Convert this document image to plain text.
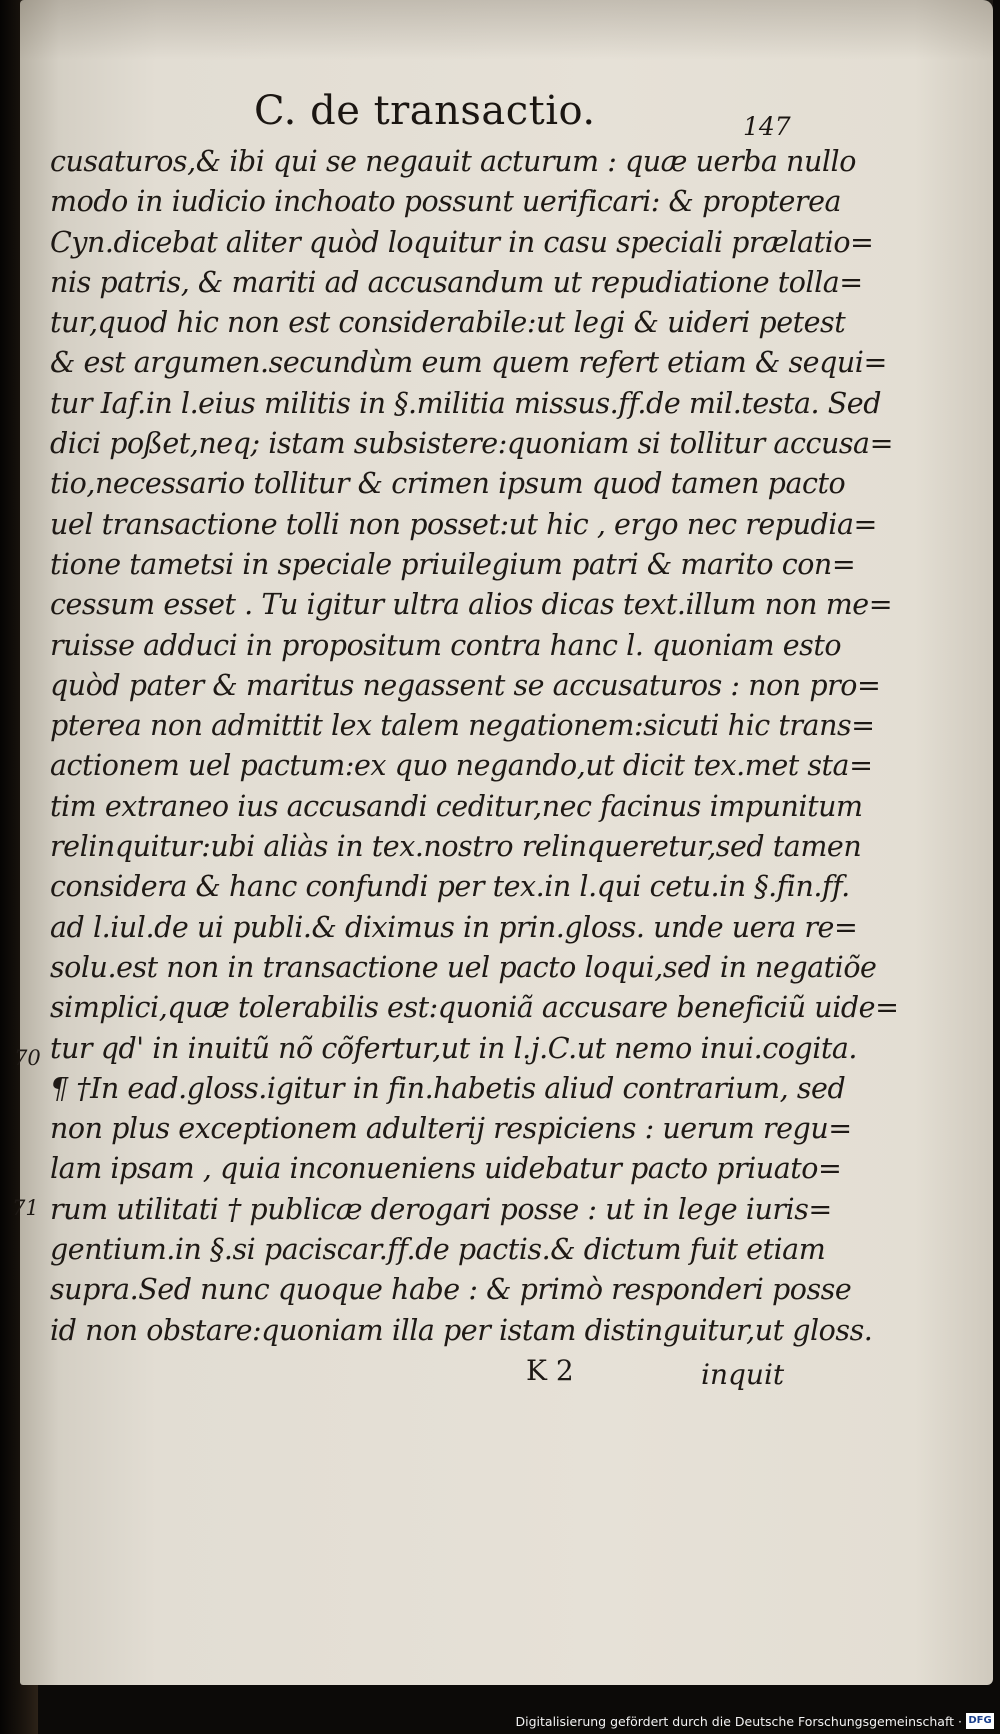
C. de transactio.	147
cusaturos,& ibi qui se negauit acturum : quæ uerba nullo
modo in iudicio inchoato possunt uerificari: & propterea
Cyn.dicebat aliter quòd loquitur in casu speciali prælatio=
nis patris, & mariti ad accusandum ut repudiatione tolla=
tur,quod hic non est considerabile:ut legi & uideri petest
& est argumen.secundùm eum quem refert etiam & sequi=
tur Iaf.in l.eius militis in §.militia missus.ff.de mil.testa. Sed
dici poßet,neq; istam subsistere:quoniam si tollitur accusa=
tio,necessario tollitur & crimen ipsum quod tamen pacto
uel transactione tolli non posset:ut hic , ergo nec repudia=
tione tametsi in speciale priuilegium patri & marito con=
cessum esset . Tu igitur ultra alios dicas text.illum non me=
ruisse adduci in propositum contra hanc l. quoniam esto
quòd pater & maritus negassent se accusaturos : non pro=
pterea non admittit lex talem negationem:sicuti hic trans=
actionem uel pactum:ex quo negando,ut dicit tex.met sta=
tim extraneo ius accusandi ceditur,nec facinus impunitum
relinquitur:ubi aliàs in tex.nostro relinqueretur,sed tamen
considera & hanc confundi per tex.in l.qui cetu.in §.fin.ff.
ad l.iul.de ui publi.& diximus in prin.gloss. unde uera re=
solu.est non in transactione uel pacto loqui,sed in negatiõe
simplici,quæ tolerabilis est:quoniã accusare beneficiũ uide=
tur qd' in inuitũ nõ cõfertur,ut in l.j.C.ut nemo inui.cogita.
¶ †In ead.gloss.igitur in fin.habetis aliud contrarium, sed
non plus exceptionem adulterij respiciens : uerum regu=
lam ipsam , quia inconueniens uidebatur pacto priuato=
rum utilitati † publicæ derogari posse : ut in lege iuris=
gentium.in §.si paciscar.ff.de pactis.& dictum fuit etiam
supra.Sed nunc quoque habe : & primò responderi posse
id non obstare:quoniam illa per istam distinguitur,ut gloss.
70
71
K 2	inquit
Digitalisierung gefördert durch die Deutsche Forschungsgemeinschaft · DFG
